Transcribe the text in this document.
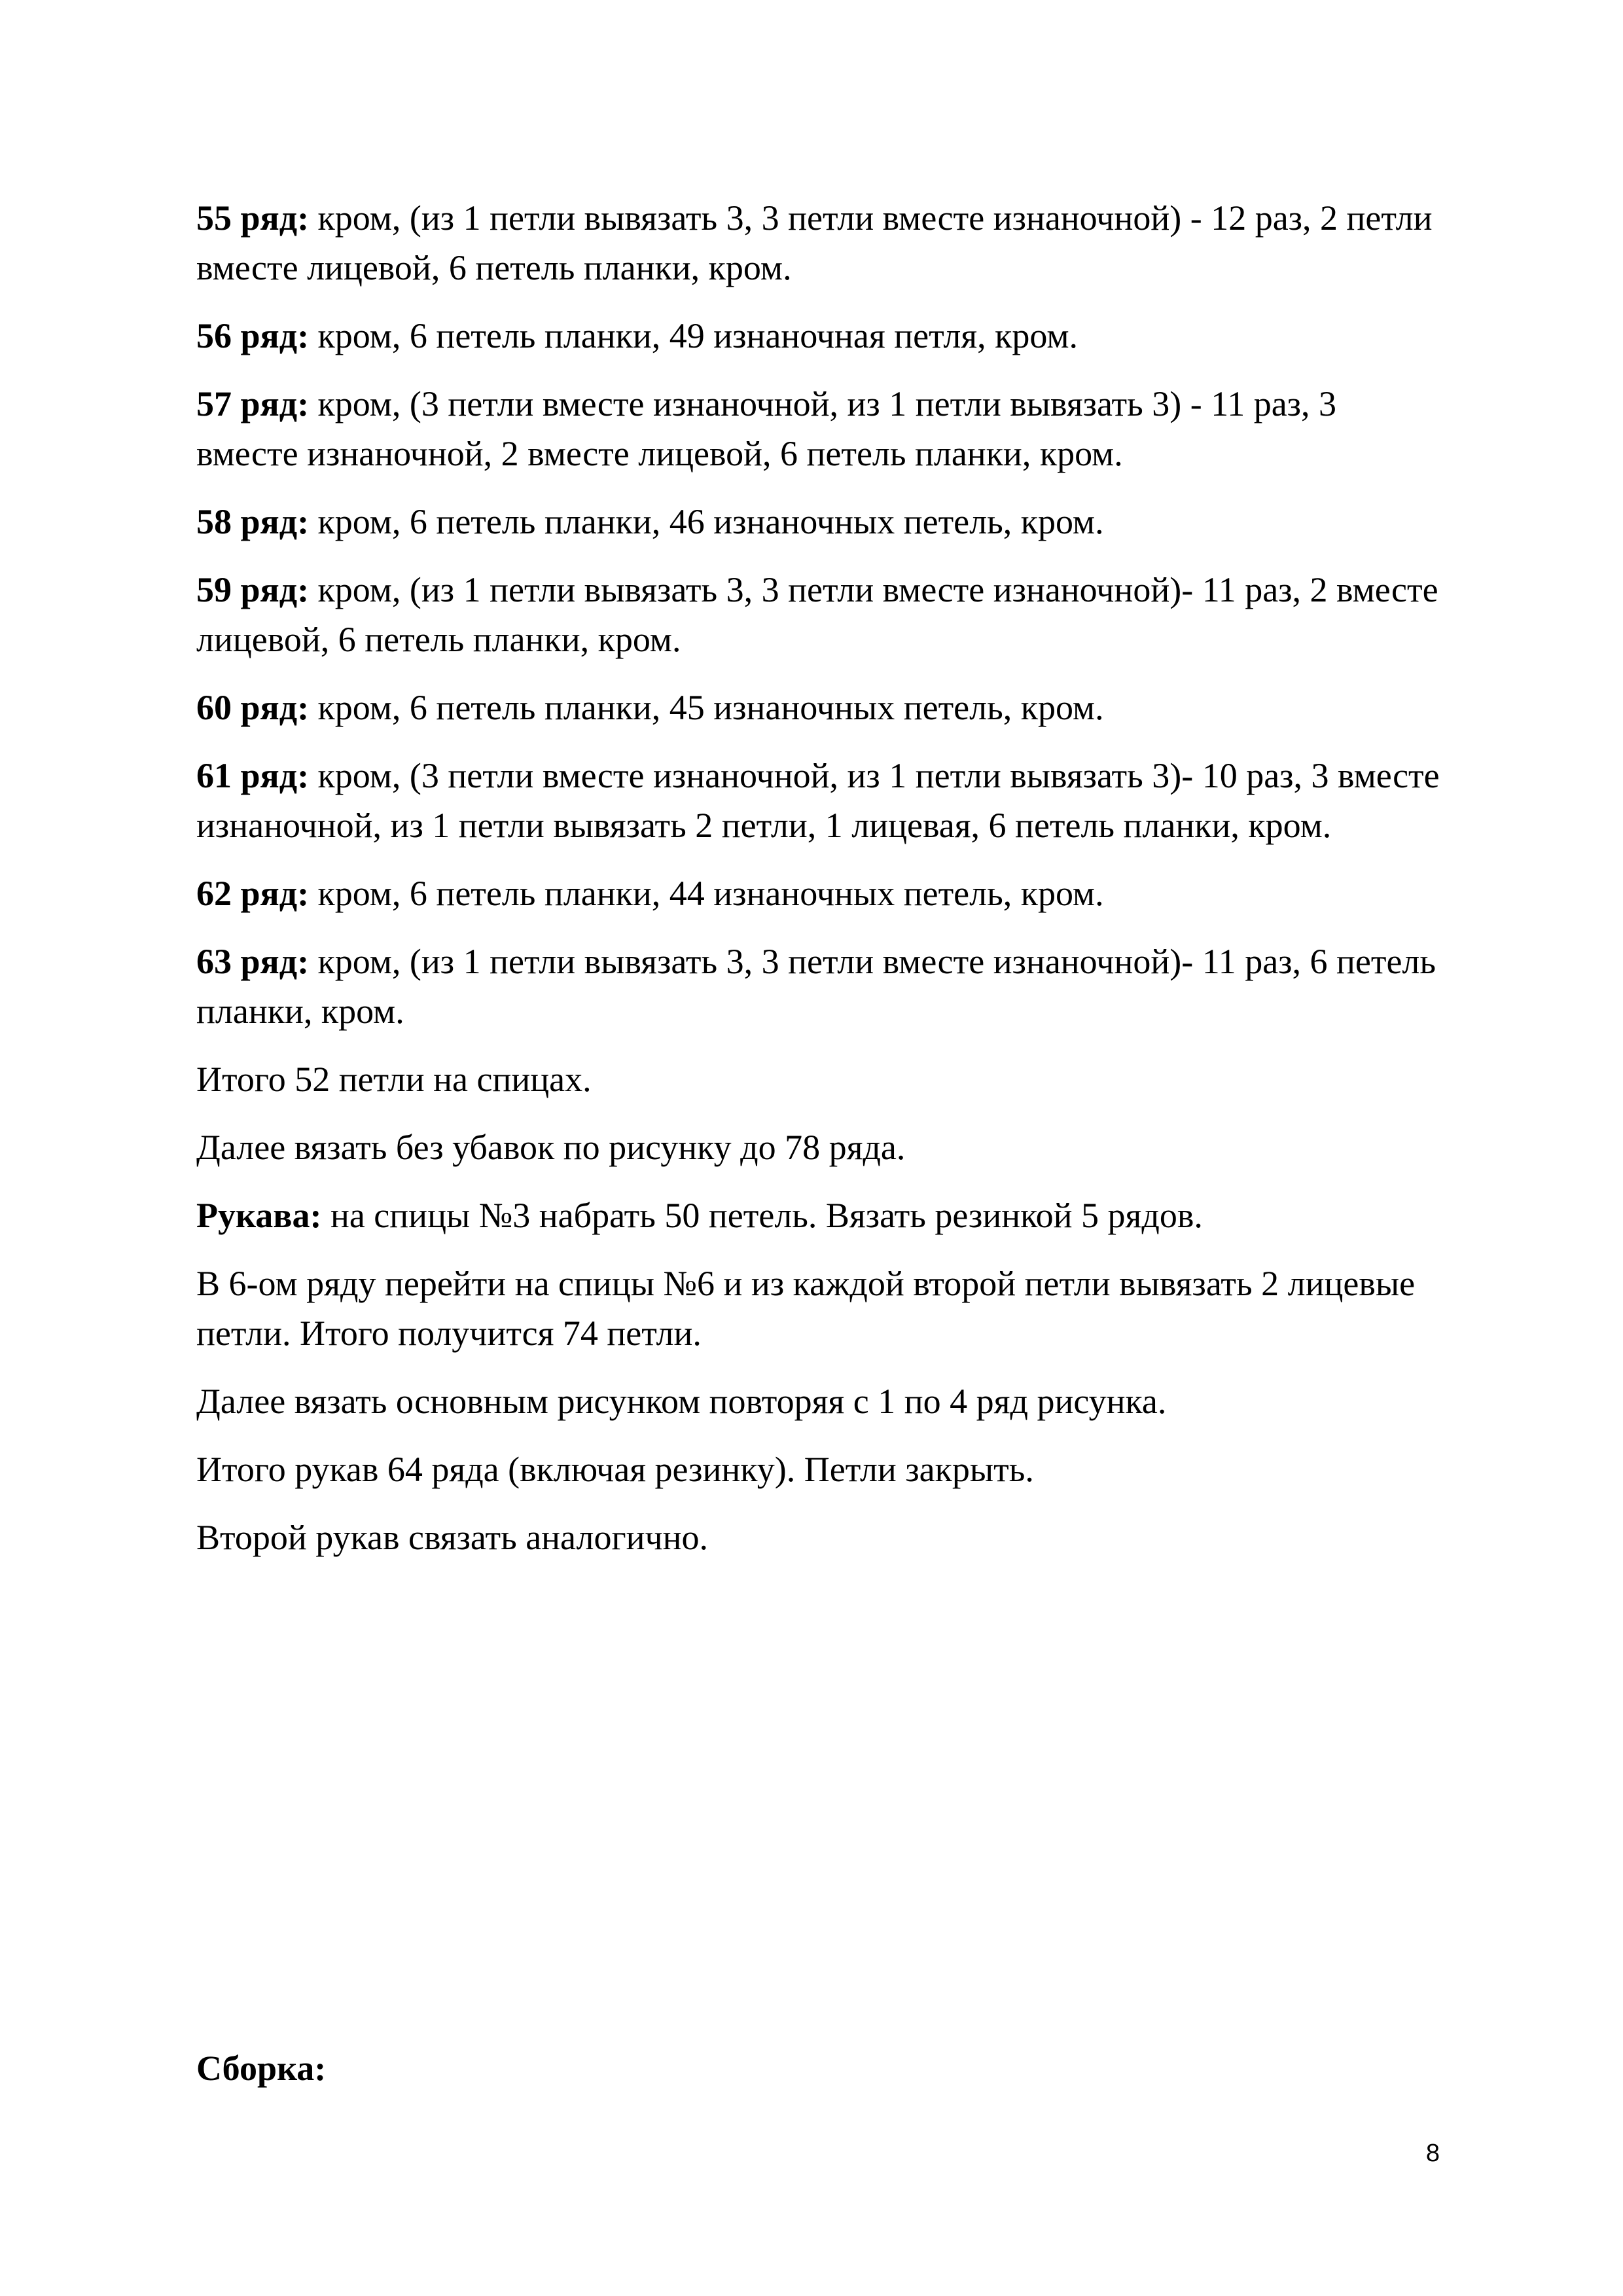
55 ряд: кром, (из 1 петли вывязать 3, 3 петли вместе изнаночной) - 12 раз, 2 петли вместе лицевой, 6 петель планки, кром.

56 ряд: кром, 6 петель планки, 49 изнаночная петля, кром.

57 ряд: кром, (3 петли вместе изнаночной, из 1 петли вывязать 3) - 11 раз, 3 вместе изнаночной, 2 вместе лицевой, 6 петель планки, кром.

58 ряд: кром, 6 петель планки, 46 изнаночных петель, кром.

59 ряд: кром, (из 1 петли вывязать 3, 3 петли вместе изнаночной)- 11 раз, 2 вместе лицевой, 6 петель планки, кром.

60 ряд: кром, 6 петель планки, 45 изнаночных петель, кром.

61 ряд: кром, (3 петли вместе изнаночной, из 1 петли вывязать 3)- 10 раз, 3 вместе изнаночной, из 1 петли вывязать 2 петли, 1 лицевая, 6 петель планки, кром.

62 ряд: кром, 6 петель планки, 44 изнаночных петель, кром.

63 ряд: кром, (из 1 петли вывязать 3, 3 петли вместе изнаночной)- 11 раз, 6 петель планки, кром.

Итого 52 петли на спицах.

Далее вязать без убавок по рисунку до 78 ряда.

Рукава: на спицы №3 набрать 50 петель. Вязать резинкой 5 рядов.

В 6-ом ряду перейти на спицы №6 и из каждой второй петли вывязать 2 лицевые петли. Итого получится 74 петли.

Далее вязать основным рисунком повторяя с 1 по 4 ряд рисунка.

Итого рукав 64 ряда (включая резинку). Петли закрыть.

Второй рукав связать аналогично.

Сборка:

8
